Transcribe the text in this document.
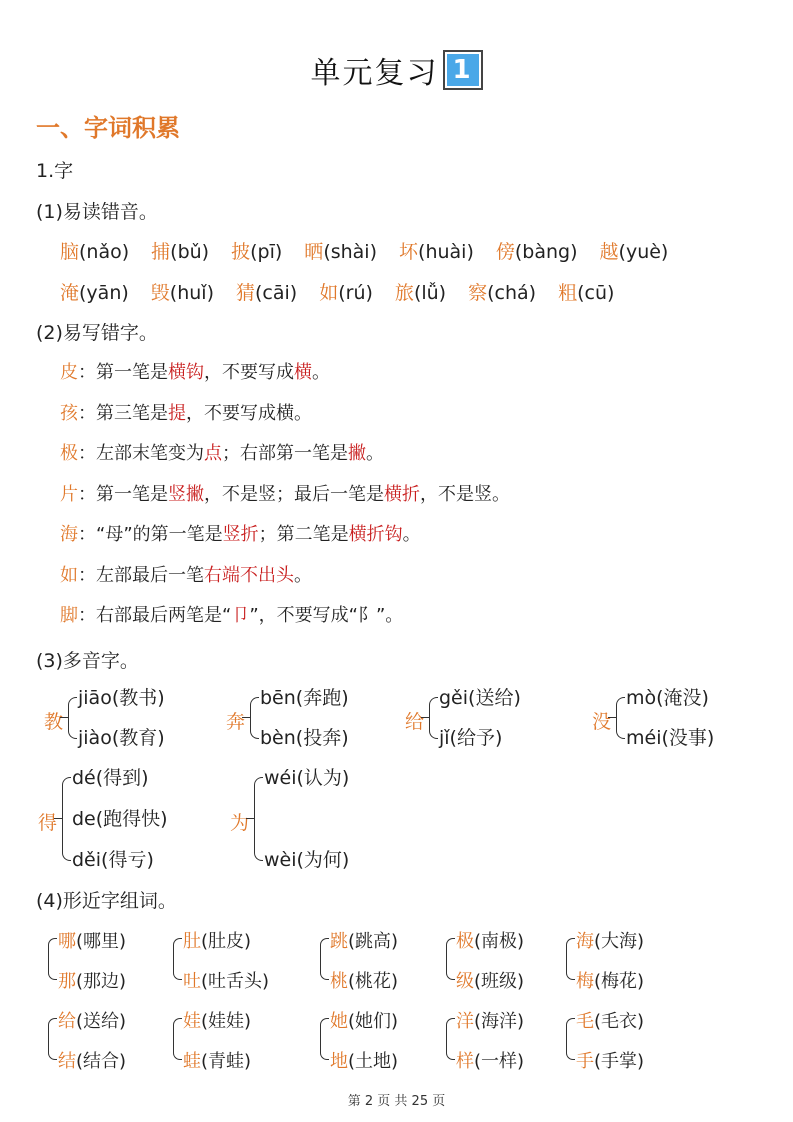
单元复习 1
一、字词积累
1.字
(1)易读错音。
脑(nǎo) 捕(bǔ) 披(pī) 晒(shài) 坏(huài) 傍(bàng) 越(yuè)
淹(yān) 毁(huǐ) 猜(cāi) 如(rú) 旅(lǚ) 察(chá) 粗(cū)
(2)易写错字。
皮：第一笔是横钩，不要写成横。
孩：第三笔是提，不要写成横。
极：左部末笔变为点；右部第一笔是撇。
片：第一笔是竖撇，不是竖；最后一笔是横折，不是竖。
海：“母”的第一笔是竖折；第二笔是横折钩。
如：左部最后一笔右端不出头。
脚：右部最后两笔是“卩”，不要写成“阝”。
(3)多音字。
教
jiāo(教书)
jiào(教育)
奔
bēn(奔跑)
bèn(投奔)
给
gěi(送给)
jǐ(给予)
没
mò(淹没)
méi(没事)
得
dé(得到)
de(跑得快)
děi(得亏)
为
wéi(认为)
wèi(为何)
(4)形近字组词。
哪(哪里)
那(那边)
肚(肚皮)
吐(吐舌头)
跳(跳高)
桃(桃花)
极(南极)
级(班级)
海(大海)
梅(梅花)
给(送给)
结(结合)
娃(娃娃)
蛙(青蛙)
她(她们)
地(土地)
洋(海洋)
样(一样)
毛(毛衣)
手(手掌)
第 2 页 共 25 页
